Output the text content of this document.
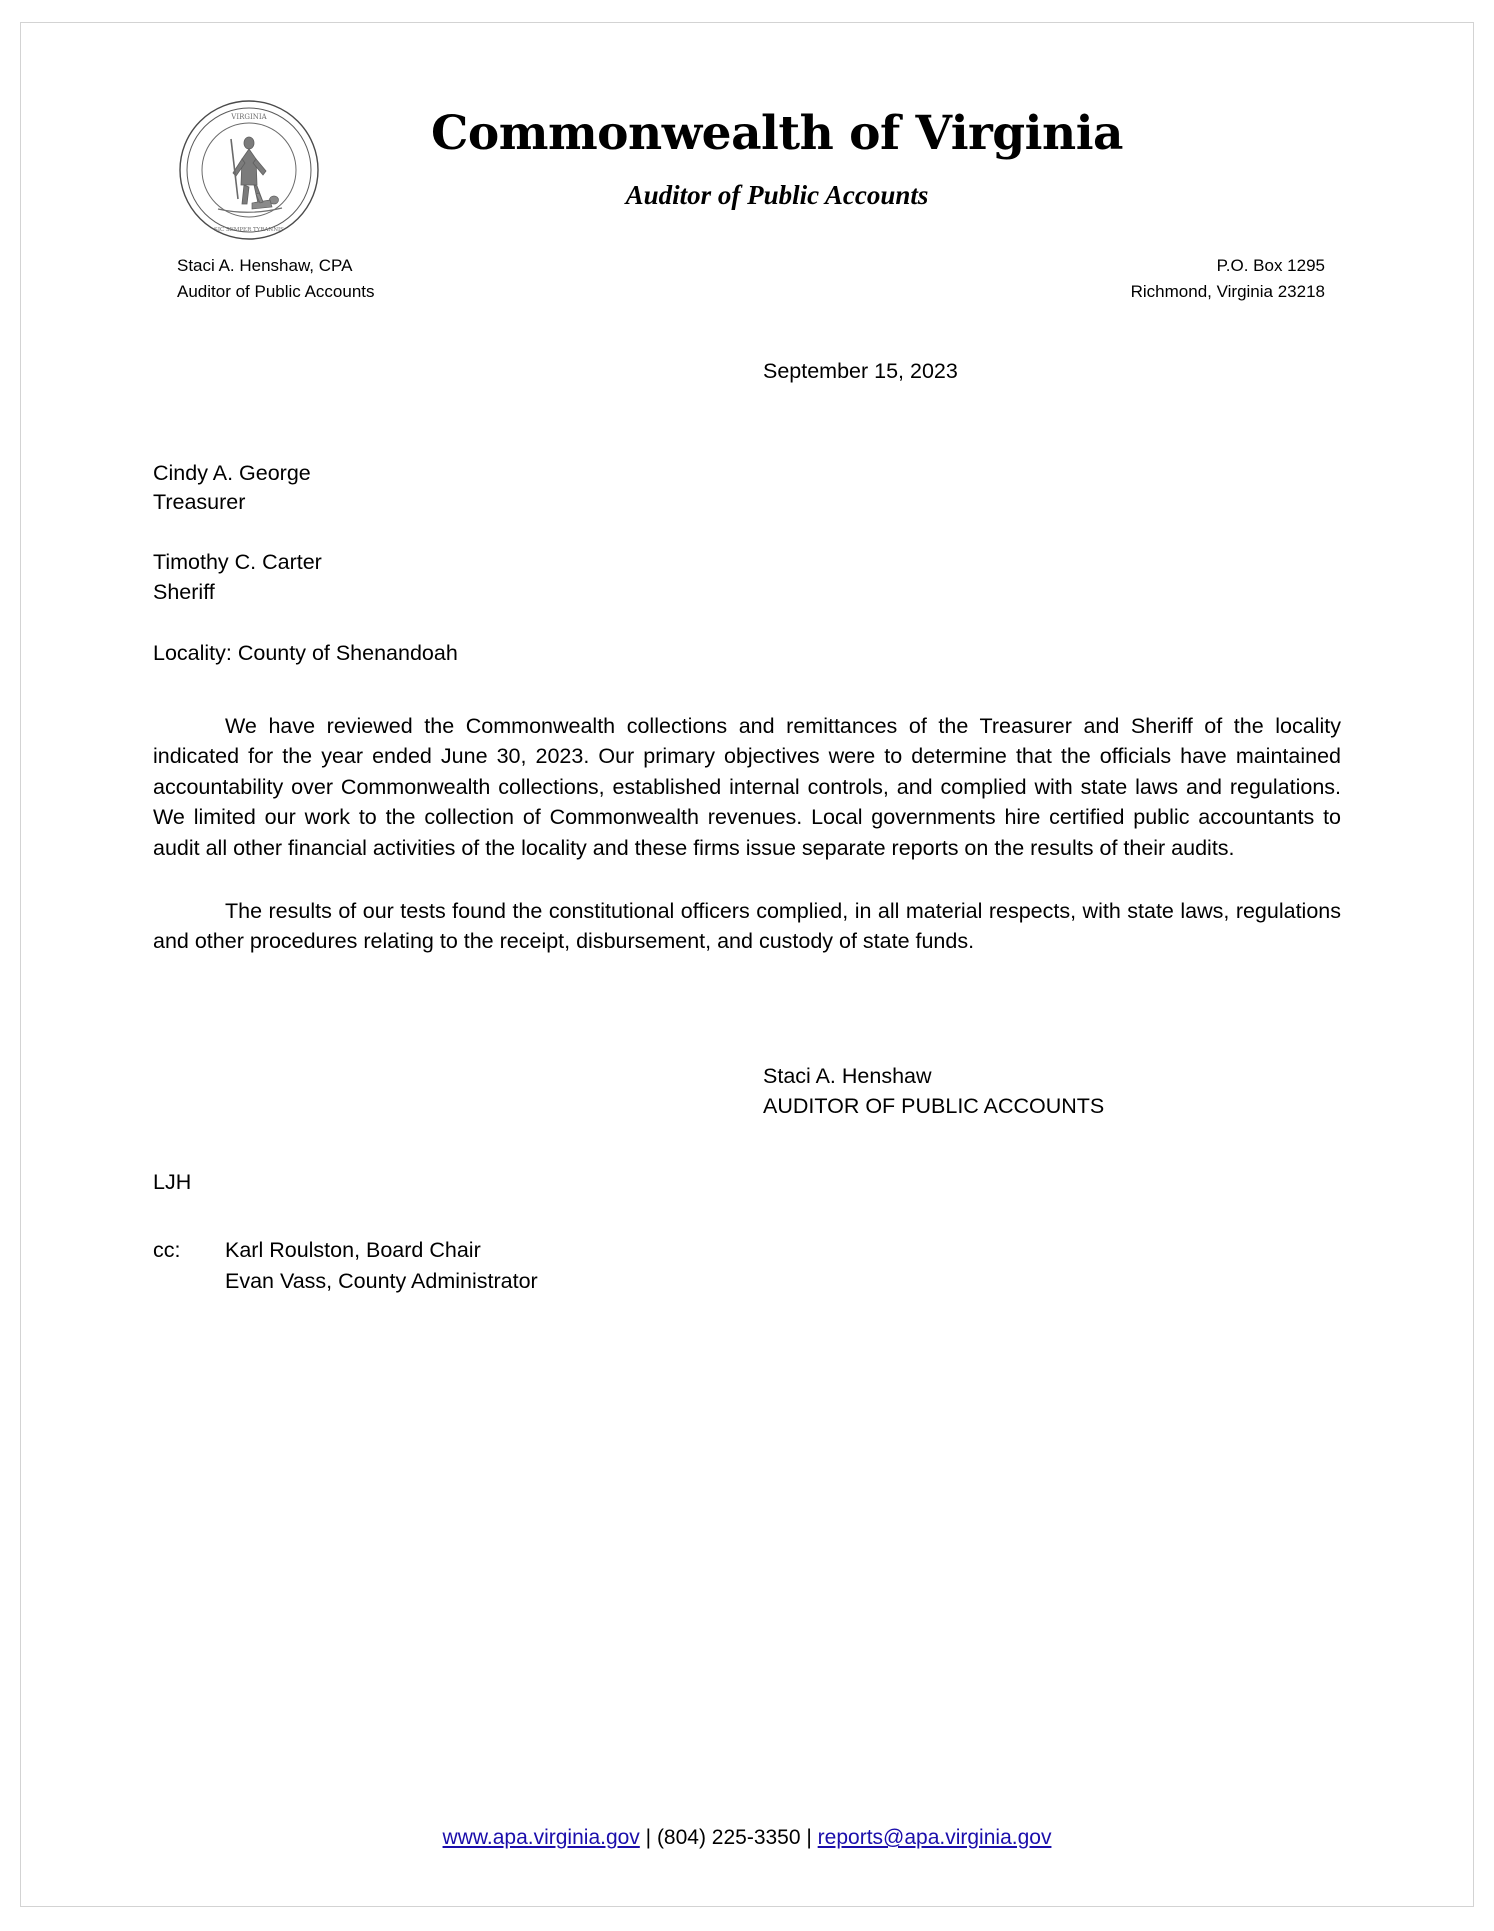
VIRGINIA
SIC SEMPER TYRANNIS
Commonwealth of Virginia
Auditor of Public Accounts
Staci A. Henshaw, CPA
Auditor of Public Accounts
P.O. Box 1295
Richmond, Virginia 23218
September 15, 2023
Cindy A. George
Treasurer
Timothy C. Carter
Sheriff
Locality: County of Shenandoah

We have reviewed the Commonwealth collections and remittances of the Treasurer and Sheriff of the locality indicated for the year ended June 30, 2023. Our primary objectives were to determine that the officials have maintained accountability over Commonwealth collections, established internal controls, and complied with state laws and regulations. We limited our work to the collection of Commonwealth revenues. Local governments hire certified public accountants to audit all other financial activities of the locality and these firms issue separate reports on the results of their audits.

The results of our tests found the constitutional officers complied, in all material respects, with state laws, regulations and other procedures relating to the receipt, disbursement, and custody of state funds.

Staci A. Henshaw
AUDITOR OF PUBLIC ACCOUNTS
LJH
cc: Karl Roulston, Board Chair
Evan Vass, County Administrator
www.apa.virginia.gov | (804) 225-3350 | reports@apa.virginia.gov
